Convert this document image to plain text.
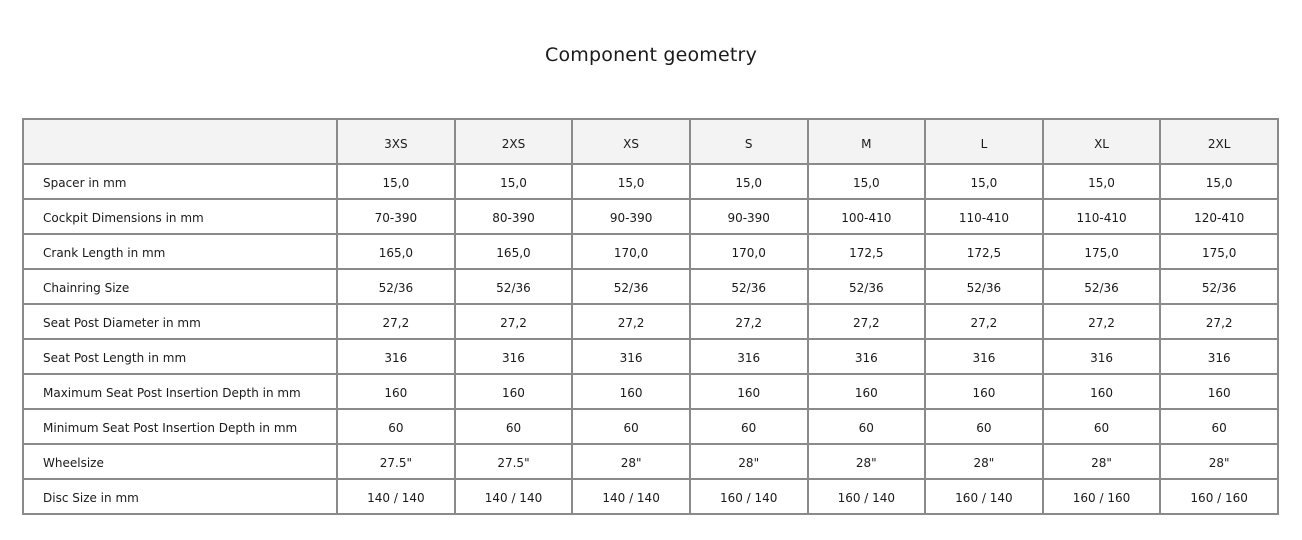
Component geometry
	3XS	2XS	XS	S	M	L	XL	2XL
Spacer in mm	15,0	15,0	15,0	15,0	15,0	15,0	15,0	15,0
Cockpit Dimensions in mm	70-390	80-390	90-390	90-390	100-410	110-410	110-410	120-410
Crank Length in mm	165,0	165,0	170,0	170,0	172,5	172,5	175,0	175,0
Chainring Size	52/36	52/36	52/36	52/36	52/36	52/36	52/36	52/36
Seat Post Diameter in mm	27,2	27,2	27,2	27,2	27,2	27,2	27,2	27,2
Seat Post Length in mm	316	316	316	316	316	316	316	316
Maximum Seat Post Insertion Depth in mm	160	160	160	160	160	160	160	160
Minimum Seat Post Insertion Depth in mm	60	60	60	60	60	60	60	60
Wheelsize	27.5"	27.5"	28"	28"	28"	28"	28"	28"
Disc Size in mm	140 / 140	140 / 140	140 / 140	160 / 140	160 / 140	160 / 140	160 / 160	160 / 160
